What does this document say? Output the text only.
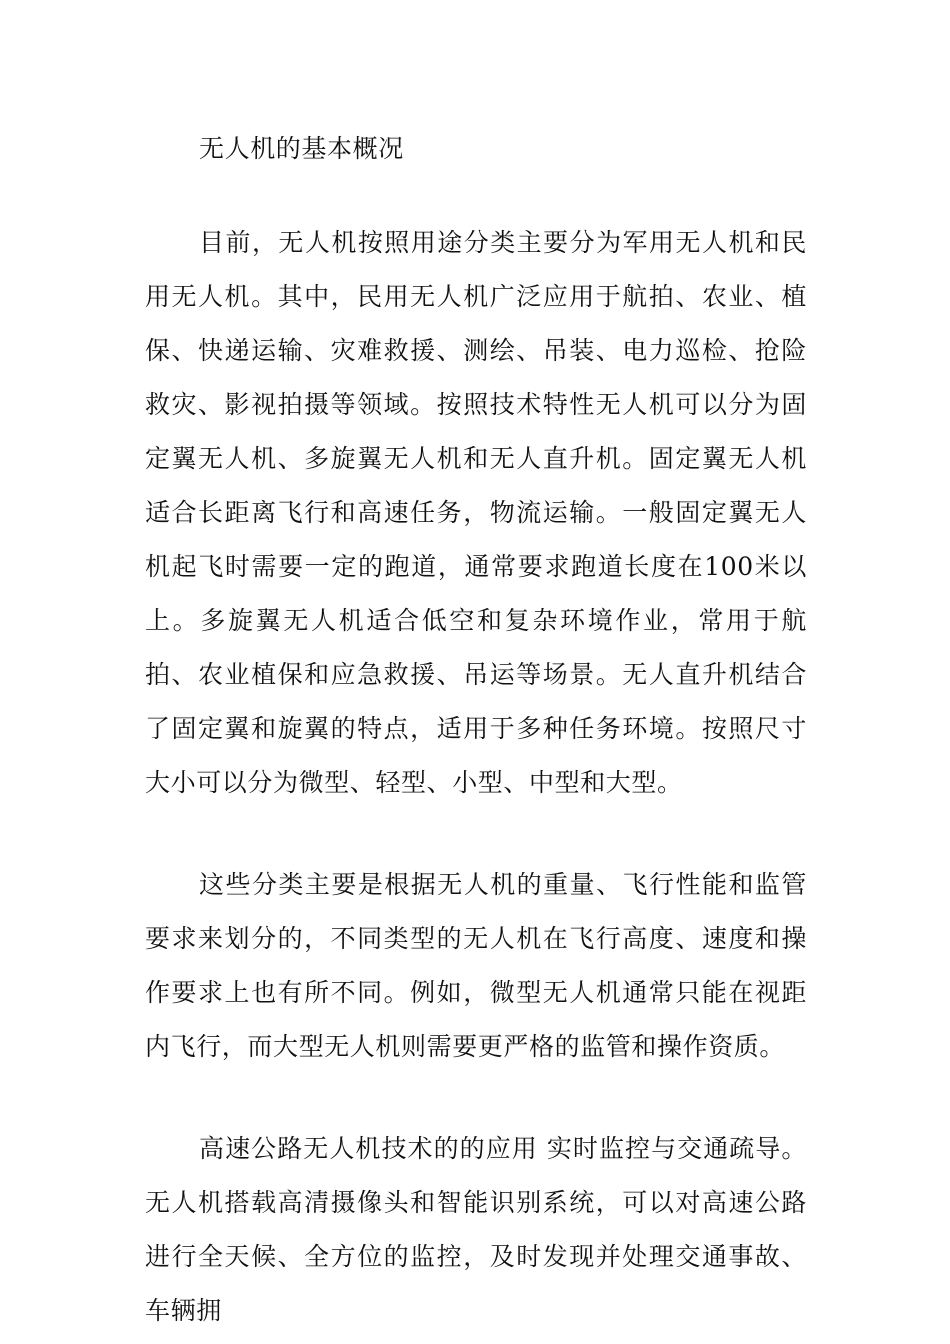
无人机的基本概况

目前，无人机按照用途分类主要分为军用无人机和民用无人机。其中，民用无人机广泛应用于航拍、农业、植保、快递运输、灾难救援、测绘、吊装、电力巡检、抢险救灾、影视拍摄等领域。按照技术特性无人机可以分为固定翼无人机、多旋翼无人机和无人直升机。固定翼无人机适合长距离飞行和高速任务，物流运输。一般固定翼无人机起飞时需要一定的跑道，通常要求跑道长度在100米以上。多旋翼无人机适合低空和复杂环境作业，常用于航拍、农业植保和应急救援、吊运等场景。无人直升机结合了固定翼和旋翼的特点，适用于多种任务环境。按照尺寸大小可以分为微型、轻型、小型、中型和大型。

这些分类主要是根据无人机的重量、飞行性能和监管要求来划分的，不同类型的无人机在飞行高度、速度和操作要求上也有所不同。例如，微型无人机通常只能在视距内飞行，而大型无人机则需要更严格的监管和操作资质。

高速公路无人机技术的的应用 实时监控与交通疏导。无人机搭载高清摄像头和智能识别系统，可以对高速公路进行全天候、全方位的监控，及时发现并处理交通事故、车辆拥
